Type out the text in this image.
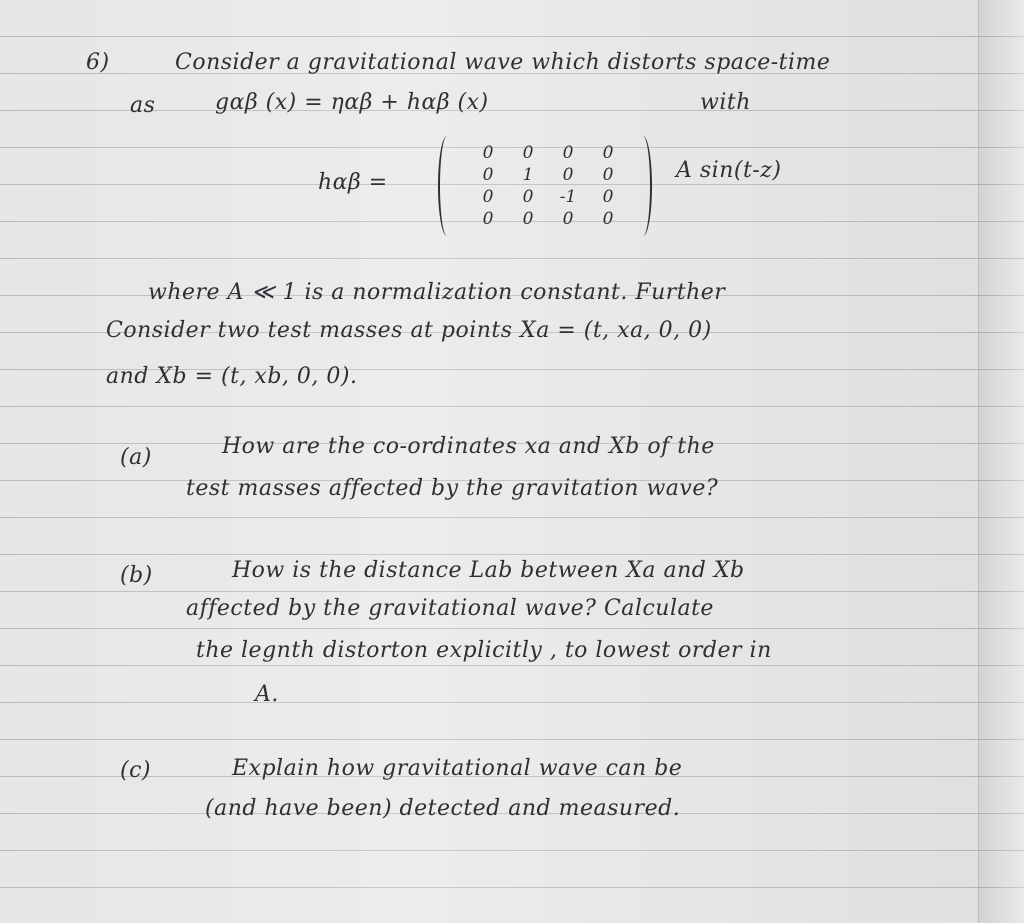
6)	Consider a gravitational wave which distorts space-time
as	gαβ (x) = ηαβ + hαβ (x)	with
hαβ =
0 0 0 0
0 1 0 0
0 0 -1 0
0 0 0 0
A sin(t-z)
where A ≪ 1 is a normalization constant. Further
Consider two test masses at points Xa = (t, xa, 0, 0)
and Xb = (t, xb, 0, 0).
(a)	How are the co-ordinates xa and Xb of the
test masses affected by the gravitation wave?
(b)	How is the distance Lab between Xa and Xb
affected by the gravitational wave? Calculate
the legnth distorton explicitly , to lowest order in
A.
(c)	Explain how gravitational wave can be
(and have been) detected and measured.
